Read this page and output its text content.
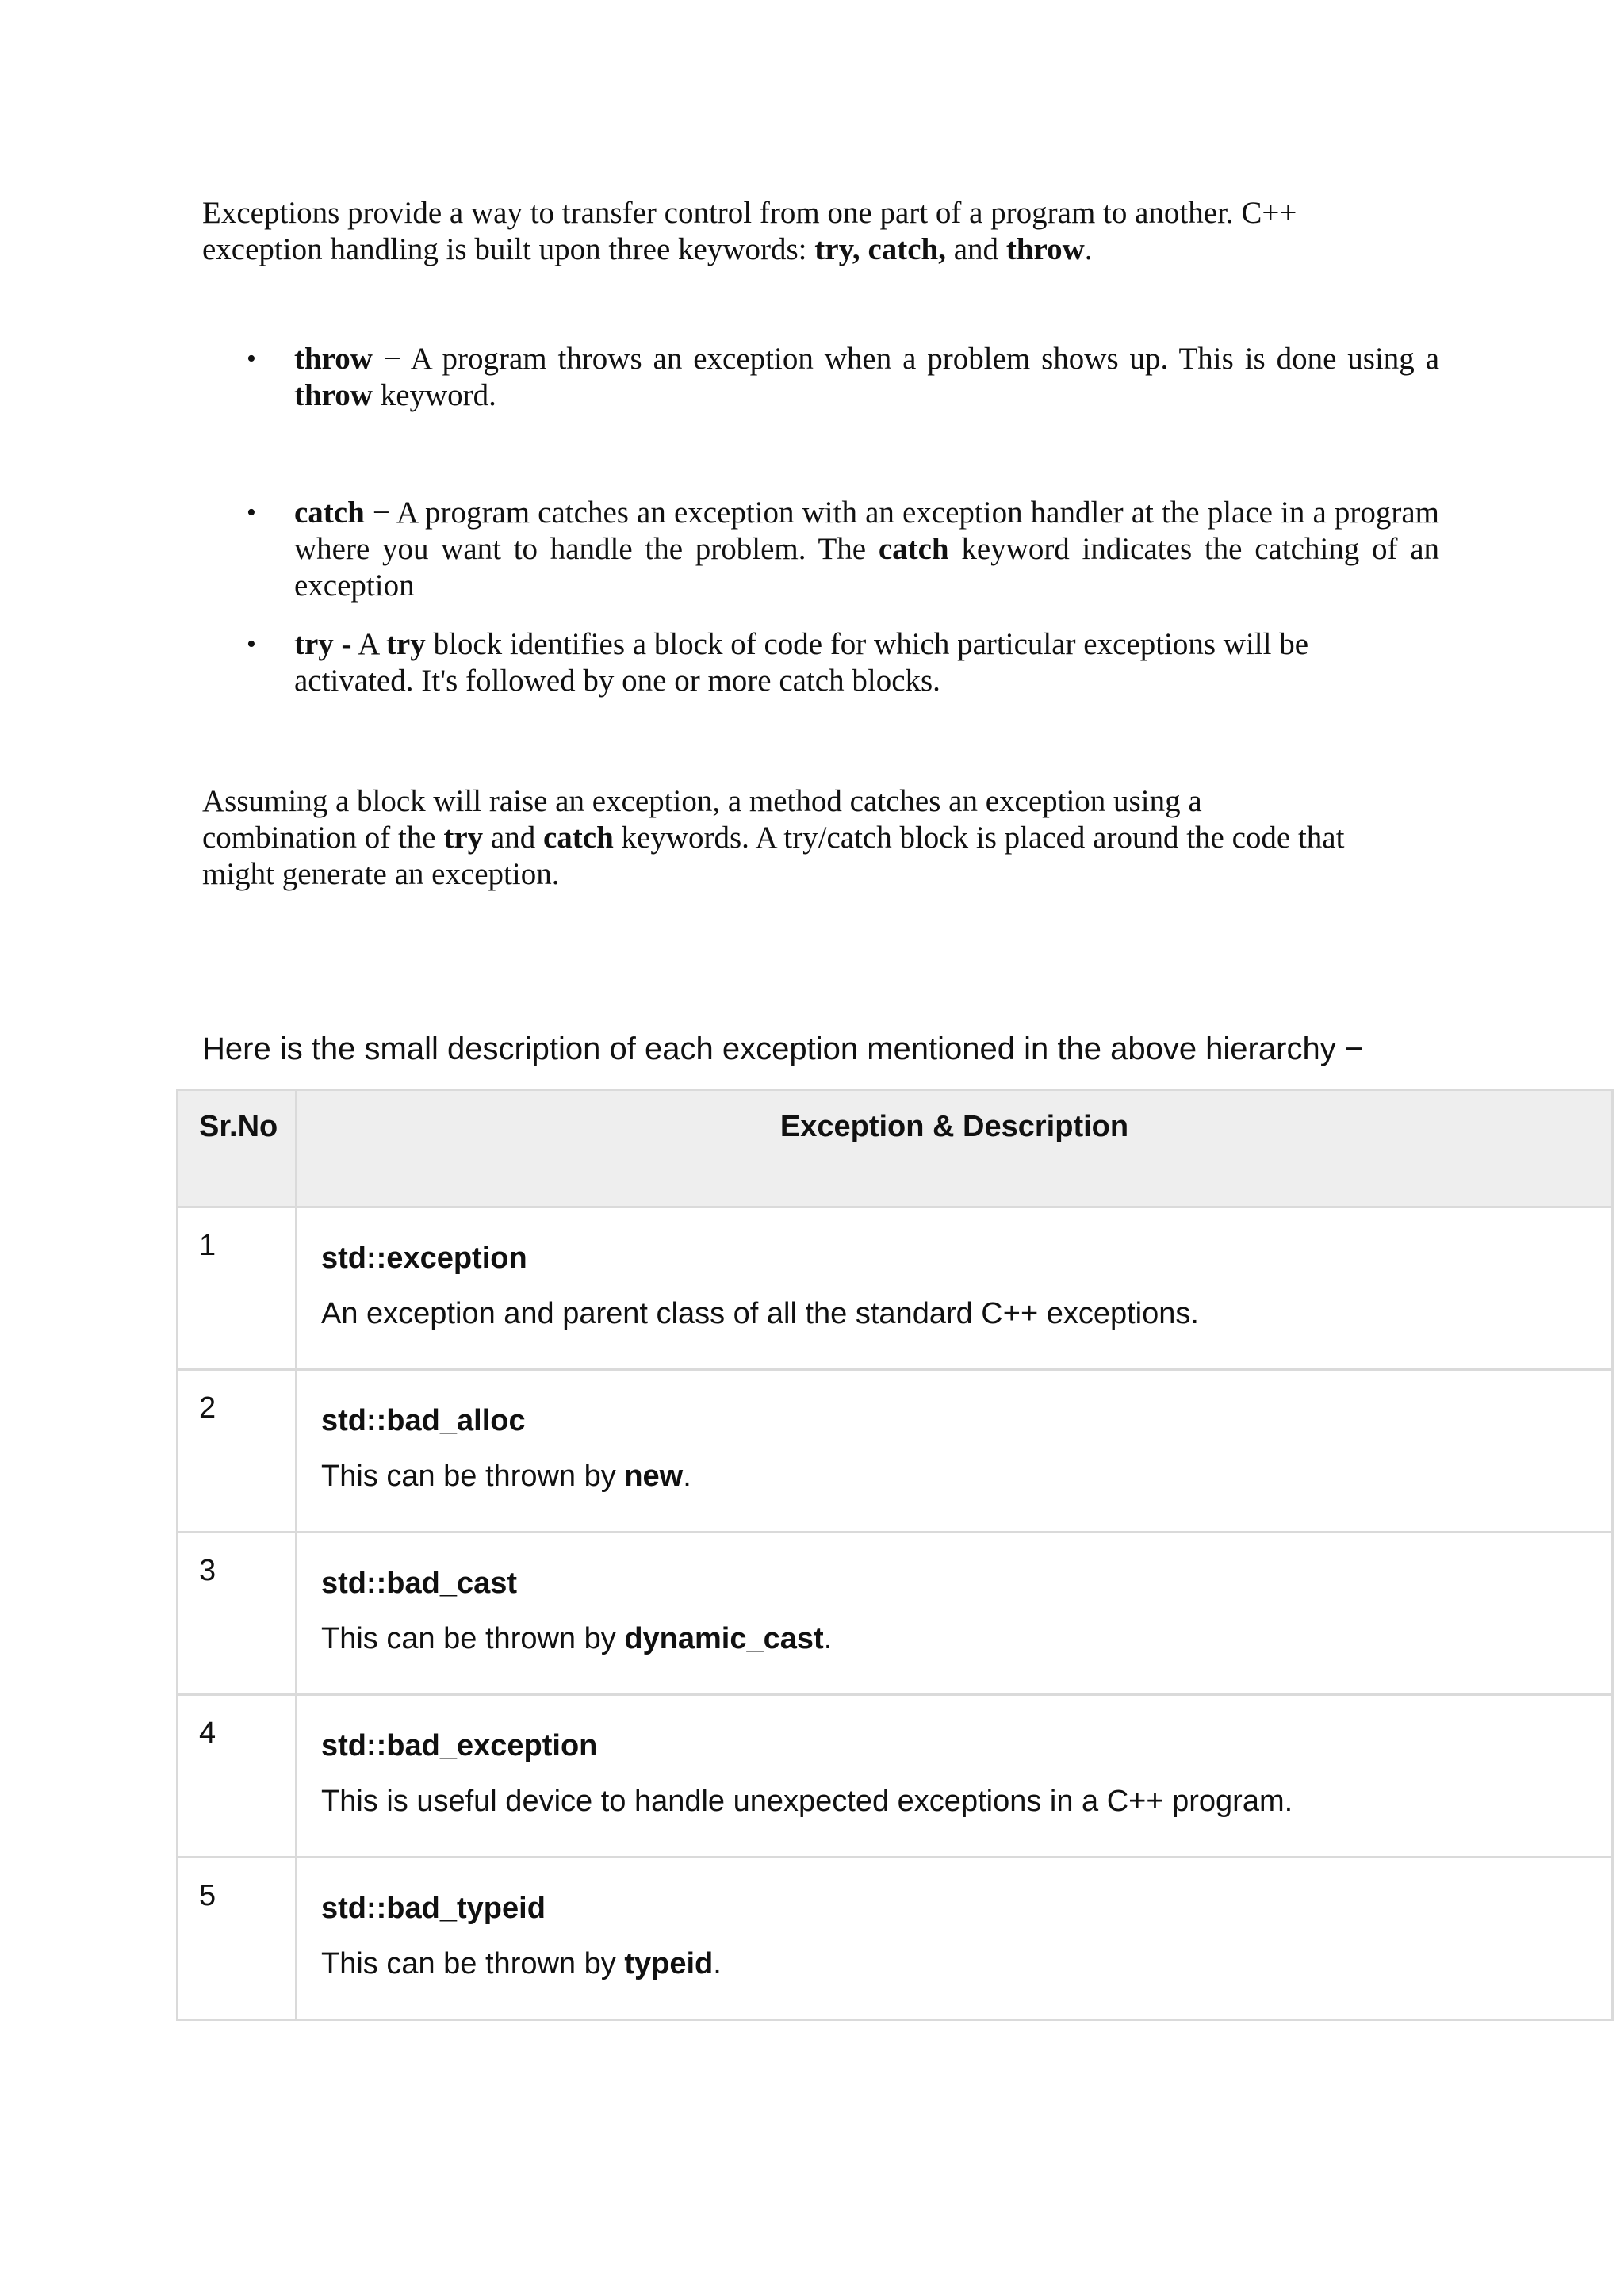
Exceptions provide a way to transfer control from one part of a program to another. C++
exception handling is built upon three keywords: try, catch, and throw.
• throw − A program throws an exception when a problem shows up. This is done using a throw keyword.
• catch − A program catches an exception with an exception handler at the place in a program where you want to handle the problem. The catch keyword indicates the catching of an exception
• try - A try block identifies a block of code for which particular exceptions will be activated. It's followed by one or more catch blocks.
Assuming a block will raise an exception, a method catches an exception using a
combination of the try and catch keywords. A try/catch block is placed around the code that
might generate an exception.
Here is the small description of each exception mentioned in the above hierarchy −
Sr.No	Exception & Description
1	std::exception
An exception and parent class of all the standard C++ exceptions.

2	std::bad_alloc
This can be thrown by new.

3	std::bad_cast
This can be thrown by dynamic_cast.

4	std::bad_exception
This is useful device to handle unexpected exceptions in a C++ program.

5	std::bad_typeid
This can be thrown by typeid.
